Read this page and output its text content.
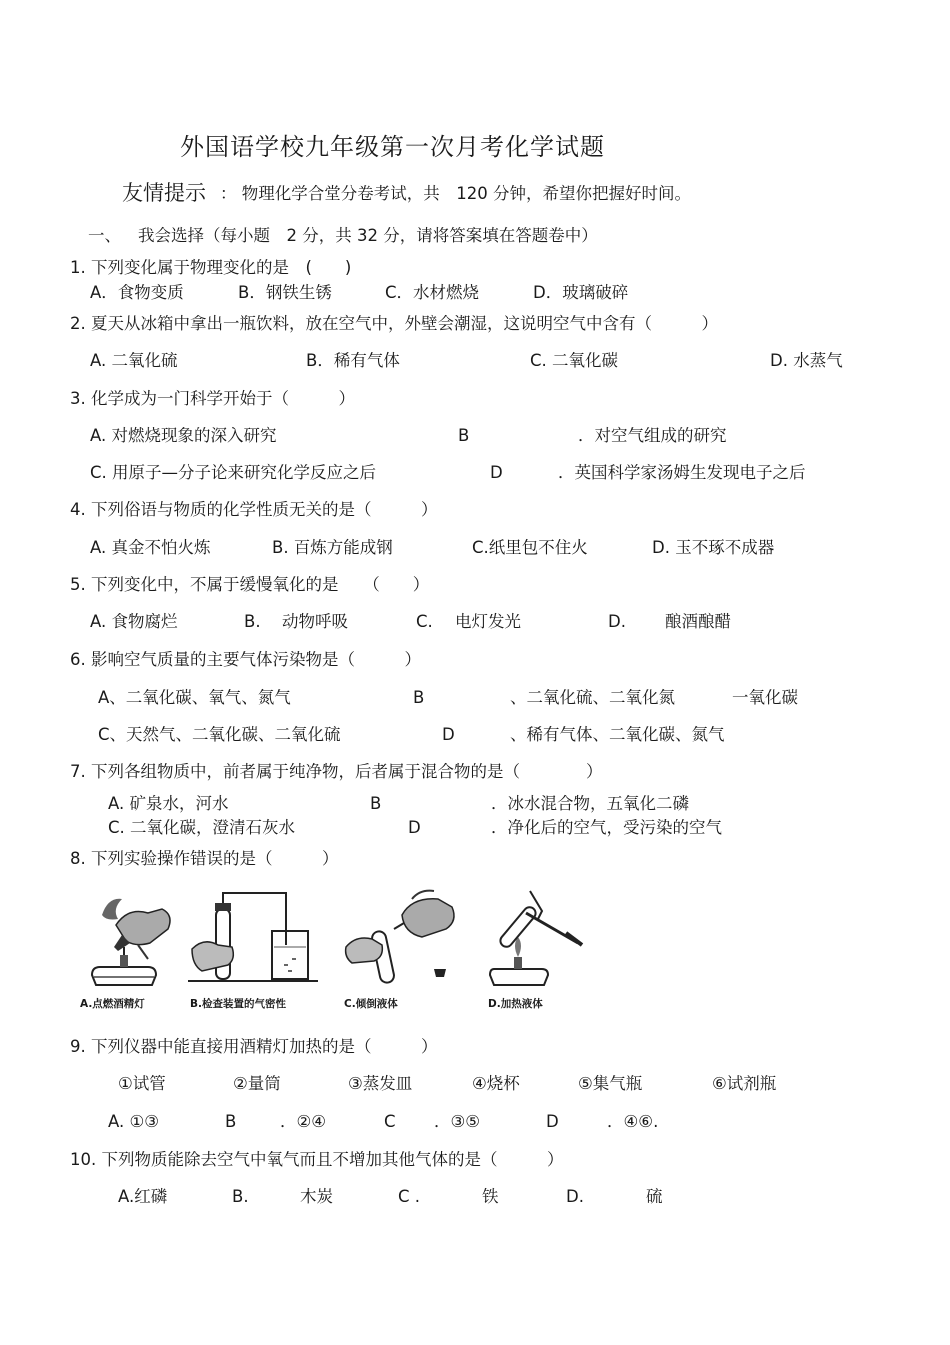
外国语学校九年级第一次月考化学试题
友情提示 ： 物理化学合堂分卷考试，共　120 分钟，希望你把握好时间。
一、 我会选择（每小题　2 分，共 32 分，请将答案填在答题卷中）
1. 下列变化属于物理变化的是　(　　)
A．食物变质	B．钢铁生锈	C．水材燃烧	D．玻璃破碎
2. 夏天从冰箱中拿出一瓶饮料，放在空气中，外壁会潮湿，这说明空气中含有（　　　）
A. 二氧化硫	B．稀有气体	C. 二氧化碳	D. 水蒸气
3. 化学成为一门科学开始于（　　　）
A. 对燃烧现象的深入研究	B	．对空气组成的研究
C. 用原子—分子论来研究化学反应之后	D	．英国科学家汤姆生发现电子之后
4. 下列俗语与物质的化学性质无关的是（　　　）
A. 真金不怕火炼	B. 百炼方能成钢	C.纸里包不住火	D. 玉不琢不成器
5. 下列变化中，不属于缓慢氧化的是　　（　　）
A. 食物腐烂	B. 动物呼吸	C. 电灯发光	D. 酿酒酿醋
6. 影响空气质量的主要气体污染物是（　　　）
A、二氧化碳、氧气、氮气	B	、二氧化硫、二氧化氮	一氧化碳
C、天然气、二氧化碳、二氧化硫	D	、稀有气体、二氧化碳、氮气
7. 下列各组物质中，前者属于纯净物，后者属于混合物的是（　　　　）
A. 矿泉水，河水	B	．冰水混合物，五氧化二磷
C. 二氧化碳，澄清石灰水	D	．净化后的空气，受污染的空气
8. 下列实验操作错误的是（　　　）
A.点燃酒精灯	B.检查装置的气密性	C.倾倒液体	D.加热液体
9. 下列仪器中能直接用酒精灯加热的是（　　　）
①试管	②量筒	③蒸发皿	④烧杯	⑤集气瓶	⑥试剂瓶
A. ①③	B	．②④	C ．③⑤	D	．④⑥.
10. 下列物质能除去空气中氧气而且不增加其他气体的是（　　　）
A.红磷	B.	木炭	C .	铁	D.	硫
